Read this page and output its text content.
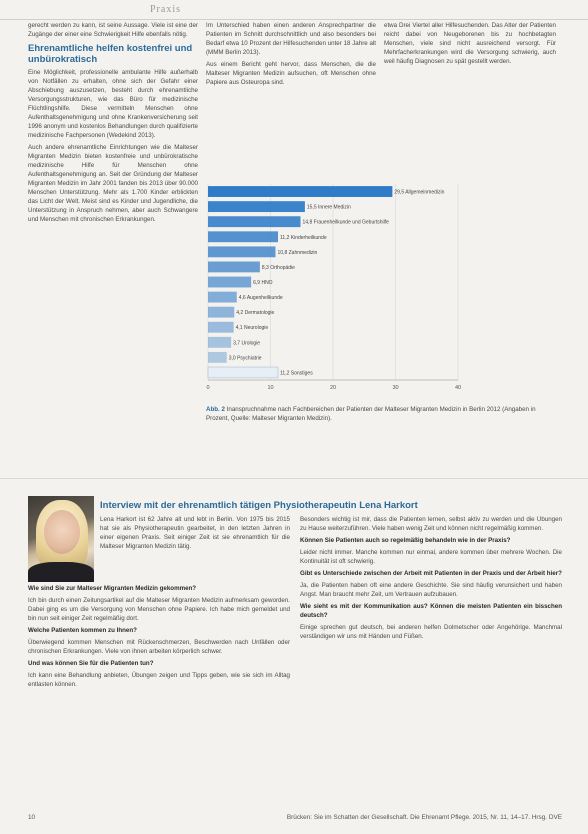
Praxis

gerecht werden zu kann, ist seine Aussage. Viele ist eine der Zugänge der einer eine Schwierigkeit Hilfe ebenfalls nötig.

Ehrenamtliche helfen kostenfrei und unbürokratisch

Eine Möglichkeit, professionelle ambulante Hilfe außerhalb von Notfällen zu erhalten, ohne sich der Gefahr einer Abschiebung auszusetzen, besteht durch ehrenamtliche Versorgungsstrukturen, wie das Büro für medizinische Flüchtlingshilfe. Diese vermitteln Menschen ohne Aufenthaltsgenehmigung und ohne Krankenversicherung seit 1996 anonym und kostenlos Behandlungen durch qualifizierte medizinische Fachpersonen (Wedekind 2013).

Auch andere ehrenamtliche Einrichtungen wie die Malteser Migranten Medizin bieten kostenfreie und unbürokratische medizinische Hilfe für Menschen ohne Aufenthaltsgenehmigung an. Seit der Gründung der Malteser Migranten Medizin im Jahr 2001 fanden bis 2013 über 90.000 Menschen Unterstützung. Mehr als 1.700 Kinder erblickten das Licht der Welt. Meist sind es Kinder und Jugendliche, die Unterstützung in Anspruch nehmen, aber auch Schwangere und Menschen mit chronischen Erkrankungen.

Im Unterschied haben einen anderen Ansprechpartner die Patienten im Schnitt durchschnittlich und also besonders bei Bedarf etwa 10 Prozent der Hilfesuchenden unter 18 Jahre alt (MMM Berlin 2013).

Aus einem Bericht geht hervor, dass Menschen, die die Malteser Migranten Medizin aufsuchen, oft Menschen ohne Papiere aus Osteuropa sind.

etwa Drei Viertel aller Hilfesuchenden. Das Alter der Patienten reicht dabei von Neugeborenen bis zu hochbetagten Menschen, viele sind nicht ausreichend versorgt. Für Mehrfacherkrankungen wird die Versorgung schwierig, auch weil häufig Diagnosen zu spät gestellt werden.

0	10	20	30	40
29,5 Allgemeinmedizin
15,5 Innere Medizin
14,8 Frauenheilkunde und Geburtshilfe
11,2 Kinderheilkunde
10,8 Zahnmedizin
8,3 Orthopädie
6,9 HNO
4,6 Augenheilkunde
4,2 Dermatologie
4,1 Neurologie
3,7 Urologie
3,0 Psychiatrie
11,2 Sonstiges
Abb. 2 Inanspruchnahme nach Fachbereichen der Patienten der Malteser Migranten Medizin in Berlin 2012 (Angaben in Prozent, Quelle: Malteser Migranten Medizin).
Interview mit der ehrenamtlich tätigen Physiotherapeutin Lena Harkort

Lena Harkort ist 62 Jahre alt und lebt in Berlin. Von 1975 bis 2015 hat sie als Physiotherapeutin gearbeitet, in den letzten Jahren in einer eigenen Praxis. Seit einiger Zeit ist sie ehrenamtlich für die Malteser Migranten Medizin tätig.

Wie sind Sie zur Malteser Migranten Medizin gekommen?

Ich bin durch einen Zeitungsartikel auf die Malteser Migranten Medizin aufmerksam geworden. Dabei ging es um die Versorgung von Menschen ohne Papiere. Ich habe mich gemeldet und bin nun seit einiger Zeit regelmäßig dort.

Welche Patienten kommen zu Ihnen?

Überwiegend kommen Menschen mit Rückenschmerzen, Beschwerden nach Unfällen oder chronischen Erkrankungen. Viele von ihnen arbeiten körperlich schwer.

Und was können Sie für die Patienten tun?

Ich kann eine Behandlung anbieten, Übungen zeigen und Tipps geben, wie sie sich im Alltag entlasten können.

Besonders wichtig ist mir, dass die Patienten lernen, selbst aktiv zu werden und die Übungen zu Hause weiterzuführen. Viele haben wenig Zeit und können nicht regelmäßig kommen.

Können Sie Patienten auch so regelmäßig behandeln wie in der Praxis?

Leider nicht immer. Manche kommen nur einmal, andere kommen über mehrere Wochen. Die Kontinuität ist oft schwierig.

Gibt es Unterschiede zwischen der Arbeit mit Patienten in der Praxis und der Arbeit hier?

Ja, die Patienten haben oft eine andere Geschichte. Sie sind häufig verunsichert und haben Angst. Man braucht mehr Zeit, um Vertrauen aufzubauen.

Wie sieht es mit der Kommunikation aus? Können die meisten Patienten ein bisschen deutsch?

Einige sprechen gut deutsch, bei anderen helfen Dolmetscher oder Angehörige. Manchmal verständigen wir uns mit Händen und Füßen.

10	Brücken: Sie im Schatten der Gesellschaft. Die Ehrenamt Pflege. 2015, Nr. 11, 14–17. Hrsg. DVE
